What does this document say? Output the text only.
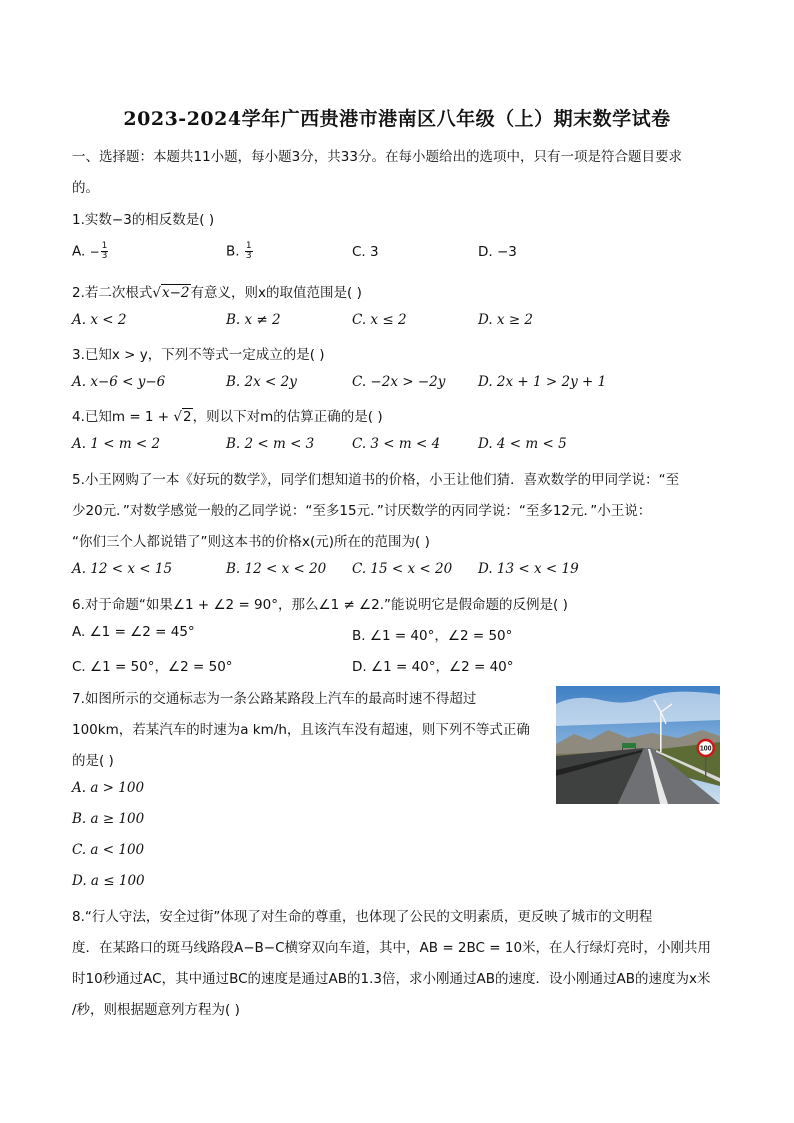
2023-2024学年广西贵港市港南区八年级（上）期末数学试卷
一、选择题：本题共11小题，每小题3分，共33分。在每小题给出的选项中，只有一项是符合题目要求
的。
1.实数−3的相反数是( )
A. − $\frac{1}{3}$	B. $\frac{1}{3}$	C. 3	D. −3
2.若二次根式√x−2有意义，则x的取值范围是( )
A. x < 2	B. x ≠ 2	C. x ≤ 2	D. x ≥ 2
3.已知x > y，下列不等式一定成立的是( )
A. x−6 < y−6	B. 2x < 2y	C. −2x > −2y D. 2x + 1 > 2y + 1
4.已知m = 1 + √2，则以下对m的估算正确的是( )
A. 1 < m < 2	B. 2 < m < 3	C. 3 < m < 4	D. 4 < m < 5
5.小王网购了一本《好玩的数学》，同学们想知道书的价格，小王让他们猜．喜欢数学的甲同学说：“至
少20元．”对数学感觉一般的乙同学说：“至多15元．”讨厌数学的丙同学说：“至多12元．”小王说：
“你们三个人都说错了”则这本书的价格x(元)所在的范围为( )
A. 12 < x < 15	B. 12 < x < 20 C. 15 < x < 20 D. 13 < x < 19
6.对于命题“如果∠1 + ∠2 = 90°，那么∠1 ≠ ∠2.”能说明它是假命题的反例是( )
A. ∠1 = ∠2 = 45°	B. ∠1 = 40°，∠2 = 50°
C. ∠1 = 50°，∠2 = 50°	D. ∠1 = 40°，∠2 = 40°
7.如图所示的交通标志为一条公路某路段上汽车的最高时速不得超过
100km，若某汽车的时速为a km/h，且该汽车没有超速，则下列不等式正确
的是( )
A. a > 100
B. a ≥ 100
C. a < 100
D. a ≤ 100
100
8.“行人守法，安全过街”体现了对生命的尊重，也体现了公民的文明素质，更反映了城市的文明程
度．在某路口的斑马线路段A−B−C横穿双向车道，其中，AB = 2BC = 10米，在人行绿灯亮时，小刚共用
时10秒通过AC，其中通过BC的速度是通过AB的1.3倍，求小刚通过AB的速度．设小刚通过AB的速度为x米
/秒，则根据题意列方程为( )
